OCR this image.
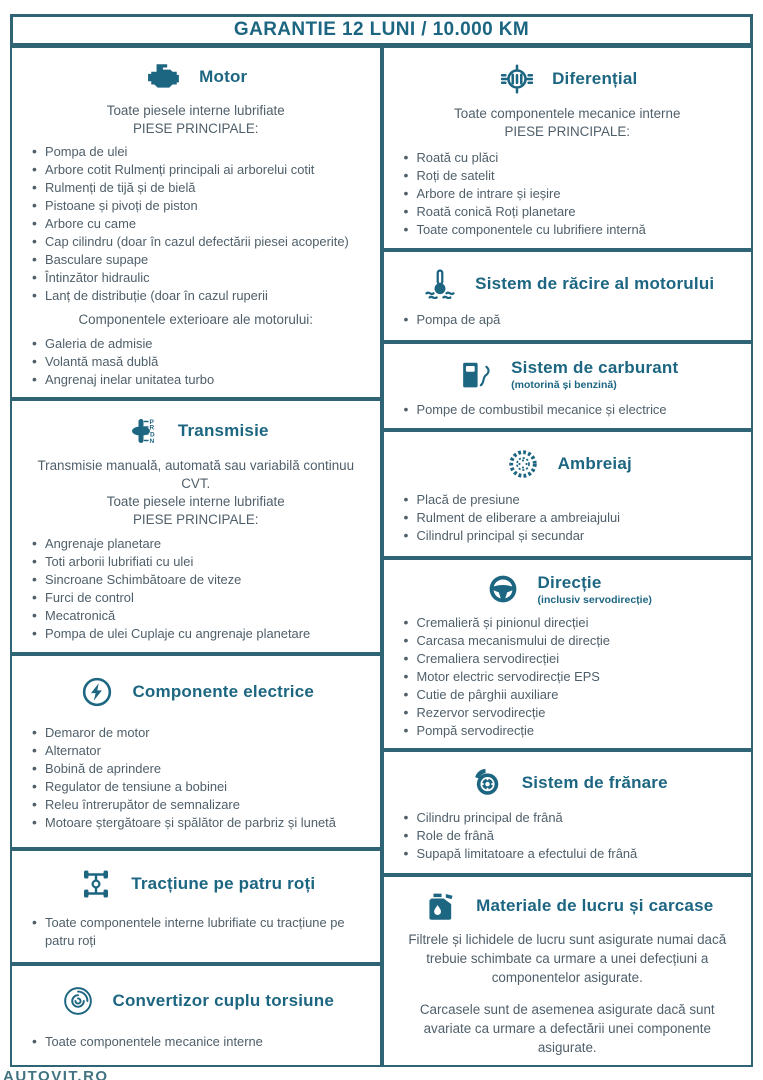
GARANTIE 12 LUNI / 10.000 KM
Motor
Toate piesele interne lubrifiate
PIESE PRINCIPALE:
• Pompa de ulei
• Arbore cotit Rulmenți principali ai arborelui cotit
• Rulmenți de tijă și de bielă
• Pistoane și pivoți de piston
• Arbore cu came
• Cap cilindru (doar în cazul defectării piesei acoperite)
• Basculare supape
• Întinzător hidraulic
• Lanț de distribuție (doar în cazul ruperii
Componentele exterioare ale motorului:
• Galeria de admisie
• Volantă masă dublă
• Angrenaj inelar unitatea turbo
P
R
D
N
Transmisie
Transmisie manuală, automată sau variabilă continuu CVT.
Toate piesele interne lubrifiate
PIESE PRINCIPALE:
• Angrenaje planetare
• Toti arborii lubrifiati cu ulei
• Sincroane Schimbătoare de viteze
• Furci de control
• Mecatronică
• Pompa de ulei Cuplaje cu angrenaje planetare
Componente electrice
• Demaror de motor
• Alternator
• Bobină de aprindere
• Regulator de tensiune a bobinei
• Releu întrerupător de semnalizare
• Motoare ștergătoare și spălător de parbriz și lunetă
Tracțiune pe patru roți
• Toate componentele interne lubrifiate cu tracțiune pe patru roți
Convertizor cuplu torsiune
• Toate componentele mecanice interne
Diferențial
Toate componentele mecanice interne
PIESE PRINCIPALE:
• Roată cu plăci
• Roți de satelit
• Arbore de intrare și ieșire
• Roată conică Roți planetare
• Toate componentele cu lubrifiere internă
Sistem de răcire al motorului
• Pompa de apă
Sistem de carburant
(motorină și benzină)
• Pompe de combustibil mecanice și electrice
Ambreiaj
• Placă de presiune
• Rulment de eliberare a ambreiajului
• Cilindrul principal și secundar
Direcție
(inclusiv servodirecție)
• Cremalieră și pinionul direcției
• Carcasa mecanismului de direcție
• Cremaliera servodirecției
• Motor electric servodirecție EPS
• Cutie de pârghii auxiliare
• Rezervor servodirecție
• Pompă servodirecție
Sistem de frănare
• Cilindru principal de frână
• Role de frână
• Supapă limitatoare a efectului de frână
Materiale de lucru și carcase

Filtrele și lichidele de lucru sunt asigurate numai dacă trebuie schimbate ca urmare a unei defecțiuni a componentelor asigurate.

Carcasele sunt de asemenea asigurate dacă sunt avariate ca urmare a defectării unei componente asigurate.

AUTOVIT.RO
